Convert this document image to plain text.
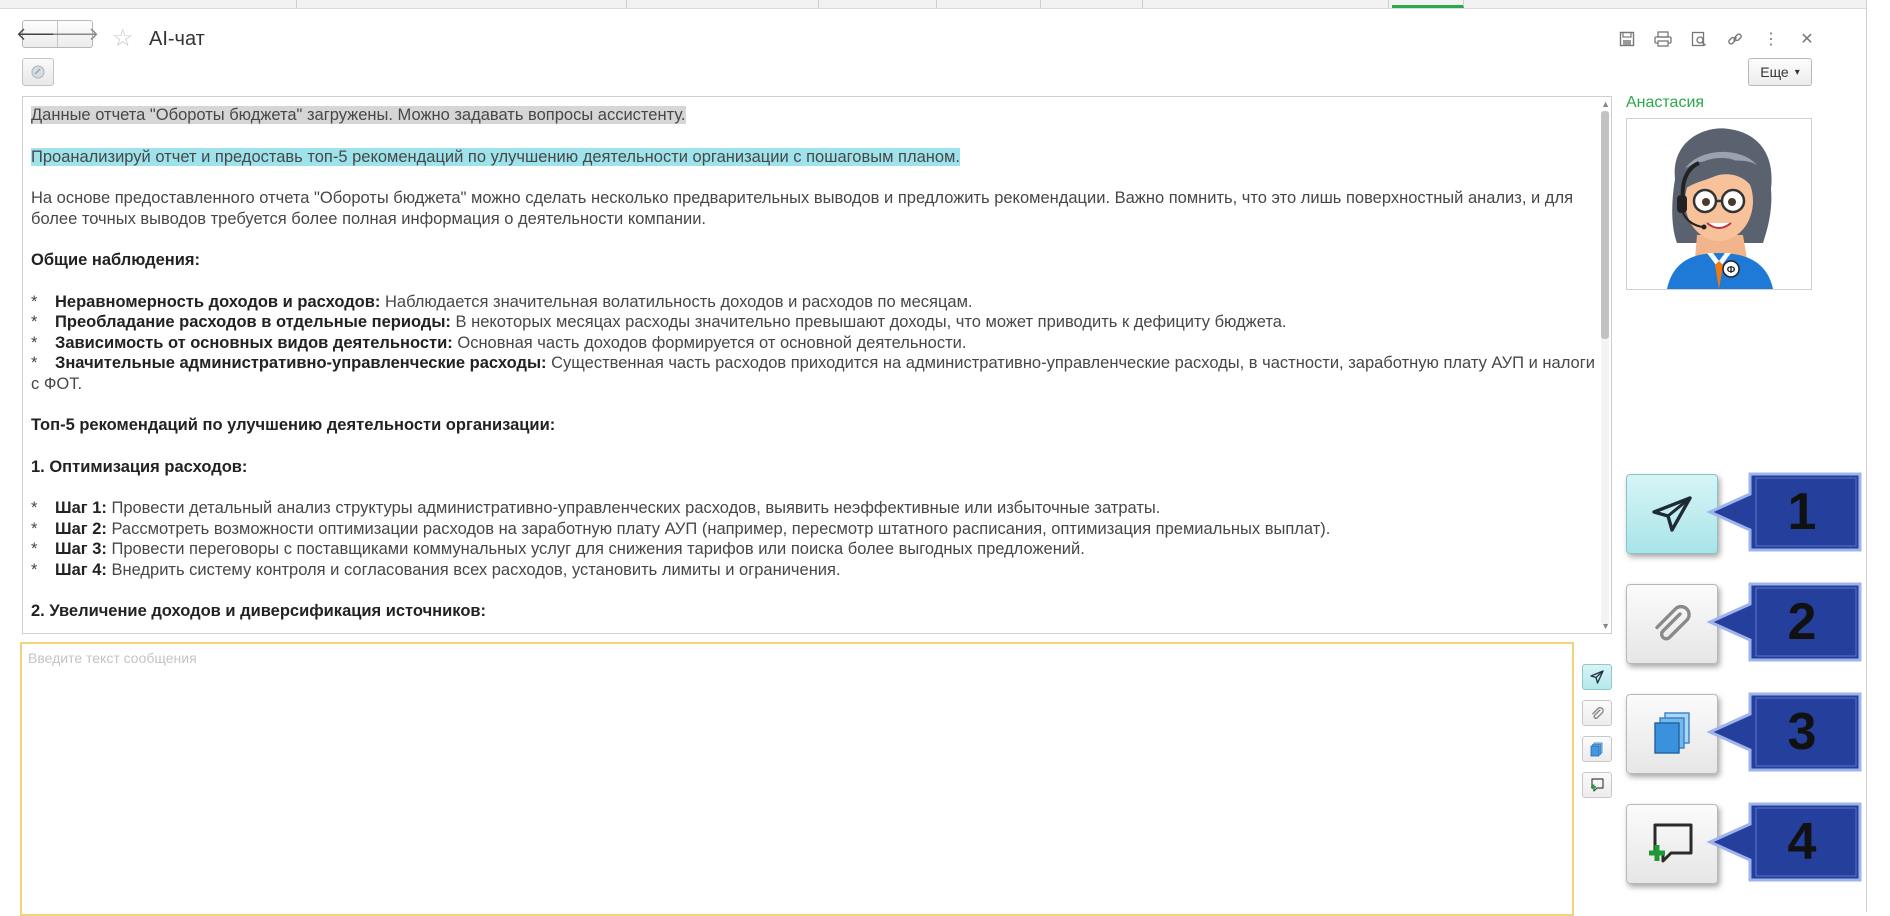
🡐
🡒 ☆ AI-чат	⋮ ✕
Еще ▾

Данные отчета "Обороты бюджета" загружены. Можно задавать вопросы ассистенту.

Проанализируй отчет и предоставь топ-5 рекомендаций по улучшению деятельности организации с пошаговым планом.

На основе предоставленного отчета "Обороты бюджета" можно сделать несколько предварительных выводов и предложить рекомендации. Важно помнить, что это лишь поверхностный анализ, и для более точных выводов требуется более полная информация о деятельности компании.

Общие наблюдения:

* Неравномерность доходов и расходов: Наблюдается значительная волатильность доходов и расходов по месяцам.

* Преобладание расходов в отдельные периоды: В некоторых месяцах расходы значительно превышают доходы, что может приводить к дефициту бюджета.

* Зависимость от основных видов деятельности: Основная часть доходов формируется от основной деятельности.

* Значительные административно-управленческие расходы: Существенная часть расходов приходится на административно-управленческие расходы, в частности, заработную плату АУП и налоги с ФОТ.

Топ-5 рекомендаций по улучшению деятельности организации:

1. Оптимизация расходов:

* Шаг 1: Провести детальный анализ структуры административно-управленческих расходов, выявить неэффективные или избыточные затраты.

* Шаг 2: Рассмотреть возможности оптимизации расходов на заработную плату АУП (например, пересмотр штатного расписания, оптимизация премиальных выплат).

* Шаг 3: Провести переговоры с поставщиками коммунальных услуг для снижения тарифов или поиска более выгодных предложений.

* Шаг 4: Внедрить систему контроля и согласования всех расходов, установить лимиты и ограничения.

2. Увеличение доходов и диверсификация источников:

▲
▼
Введите текст сообщения
Анастасия
Ф
1
2
3
4
